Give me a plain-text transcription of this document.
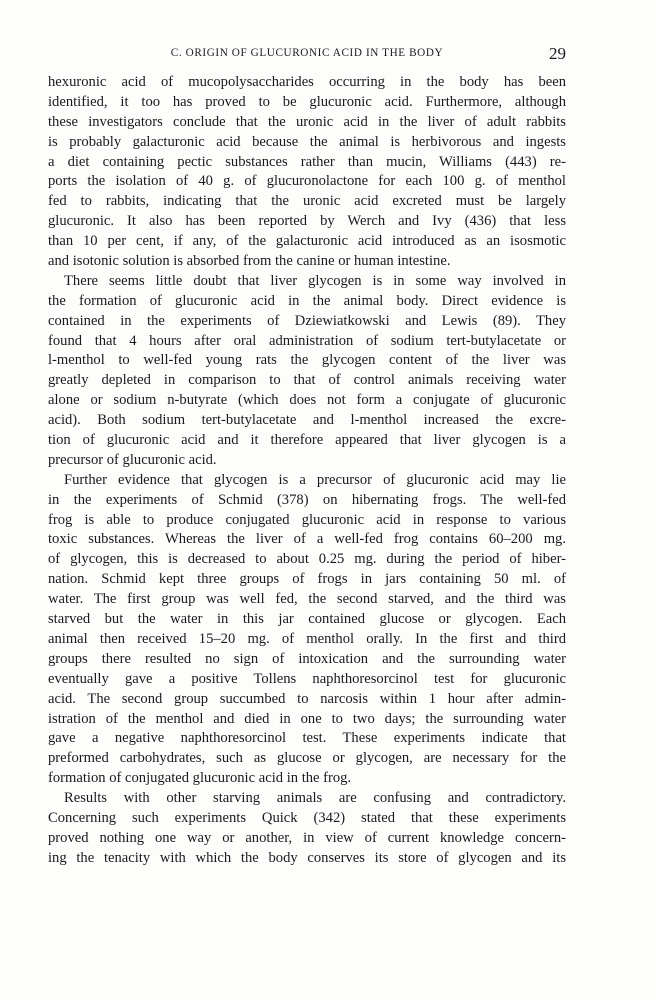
C. ORIGIN OF GLUCURONIC ACID IN THE BODY	29
hexuronic acid of mucopolysaccharides occurring in the body has been
identified, it too has proved to be glucuronic acid. Furthermore, although
these investigators conclude that the uronic acid in the liver of adult rabbits
is probably galacturonic acid because the animal is herbivorous and ingests
a diet containing pectic substances rather than mucin, Williams (443) re-
ports the isolation of 40 g. of glucuronolactone for each 100 g. of menthol
fed to rabbits, indicating that the uronic acid excreted must be largely
glucuronic. It also has been reported by Werch and Ivy (436) that less
than 10 per cent, if any, of the galacturonic acid introduced as an isosmotic
and isotonic solution is absorbed from the canine or human intestine.
There seems little doubt that liver glycogen is in some way involved in
the formation of glucuronic acid in the animal body. Direct evidence is
contained in the experiments of Dziewiatkowski and Lewis (89). They
found that 4 hours after oral administration of sodium tert-butylacetate or
l-menthol to well-fed young rats the glycogen content of the liver was
greatly depleted in comparison to that of control animals receiving water
alone or sodium n-butyrate (which does not form a conjugate of glucuronic
acid). Both sodium tert-butylacetate and l-menthol increased the excre-
tion of glucuronic acid and it therefore appeared that liver glycogen is a
precursor of glucuronic acid.
Further evidence that glycogen is a precursor of glucuronic acid may lie
in the experiments of Schmid (378) on hibernating frogs. The well-fed
frog is able to produce conjugated glucuronic acid in response to various
toxic substances. Whereas the liver of a well-fed frog contains 60–200 mg.
of glycogen, this is decreased to about 0.25 mg. during the period of hiber-
nation. Schmid kept three groups of frogs in jars containing 50 ml. of
water. The first group was well fed, the second starved, and the third was
starved but the water in this jar contained glucose or glycogen. Each
animal then received 15–20 mg. of menthol orally. In the first and third
groups there resulted no sign of intoxication and the surrounding water
eventually gave a positive Tollens naphthoresorcinol test for glucuronic
acid. The second group succumbed to narcosis within 1 hour after admin-
istration of the menthol and died in one to two days; the surrounding water
gave a negative naphthoresorcinol test. These experiments indicate that
preformed carbohydrates, such as glucose or glycogen, are necessary for the
formation of conjugated glucuronic acid in the frog.
Results with other starving animals are confusing and contradictory.
Concerning such experiments Quick (342) stated that these experiments
proved nothing one way or another, in view of current knowledge concern-
ing the tenacity with which the body conserves its store of glycogen and its
